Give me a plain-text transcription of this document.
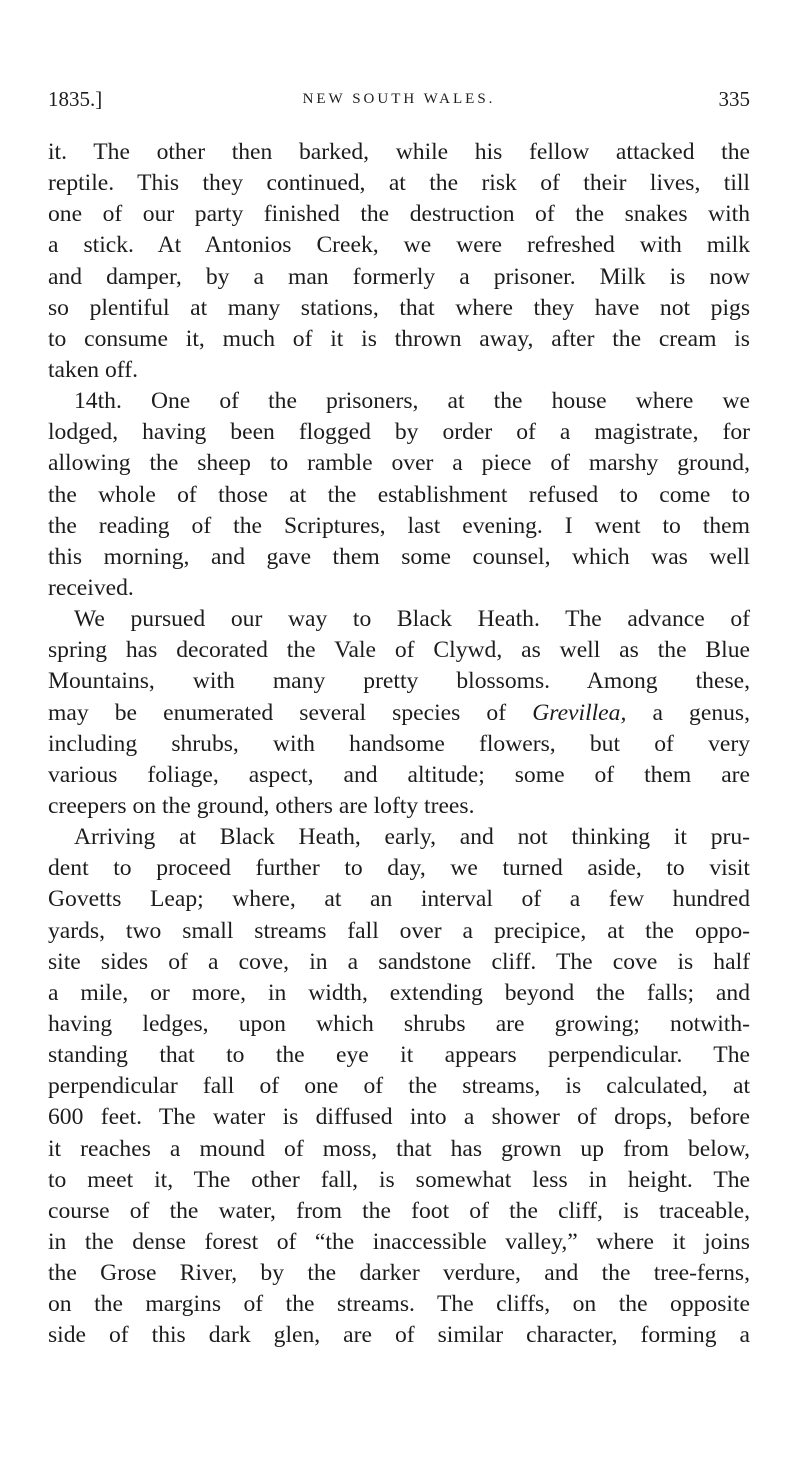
1835.]	NEW SOUTH WALES.	335
it. The other then barked, while his fellow attacked the
reptile. This they continued, at the risk of their lives, till
one of our party finished the destruction of the snakes with
a stick. At Antonios Creek, we were refreshed with milk
and damper, by a man formerly a prisoner. Milk is now
so plentiful at many stations, that where they have not pigs
to consume it, much of it is thrown away, after the cream is
taken off.
14th. One of the prisoners, at the house where we
lodged, having been flogged by order of a magistrate, for
allowing the sheep to ramble over a piece of marshy ground,
the whole of those at the establishment refused to come to
the reading of the Scriptures, last evening. I went to them
this morning, and gave them some counsel, which was well
received.
We pursued our way to Black Heath. The advance of
spring has decorated the Vale of Clywd, as well as the Blue
Mountains, with many pretty blossoms. Among these,
may be enumerated several species of Grevillea, a genus,
including shrubs, with handsome flowers, but of very
various foliage, aspect, and altitude; some of them are
creepers on the ground, others are lofty trees.
Arriving at Black Heath, early, and not thinking it pru-
dent to proceed further to day, we turned aside, to visit
Govetts Leap; where, at an interval of a few hundred
yards, two small streams fall over a precipice, at the oppo-
site sides of a cove, in a sandstone cliff. The cove is half
a mile, or more, in width, extending beyond the falls; and
having ledges, upon which shrubs are growing; notwith-
standing that to the eye it appears perpendicular. The
perpendicular fall of one of the streams, is calculated, at
600 feet. The water is diffused into a shower of drops, before
it reaches a mound of moss, that has grown up from below,
to meet it, The other fall, is somewhat less in height. The
course of the water, from the foot of the cliff, is traceable,
in the dense forest of “the inaccessible valley,” where it joins
the Grose River, by the darker verdure, and the tree-ferns,
on the margins of the streams. The cliffs, on the opposite
side of this dark glen, are of similar character, forming a
